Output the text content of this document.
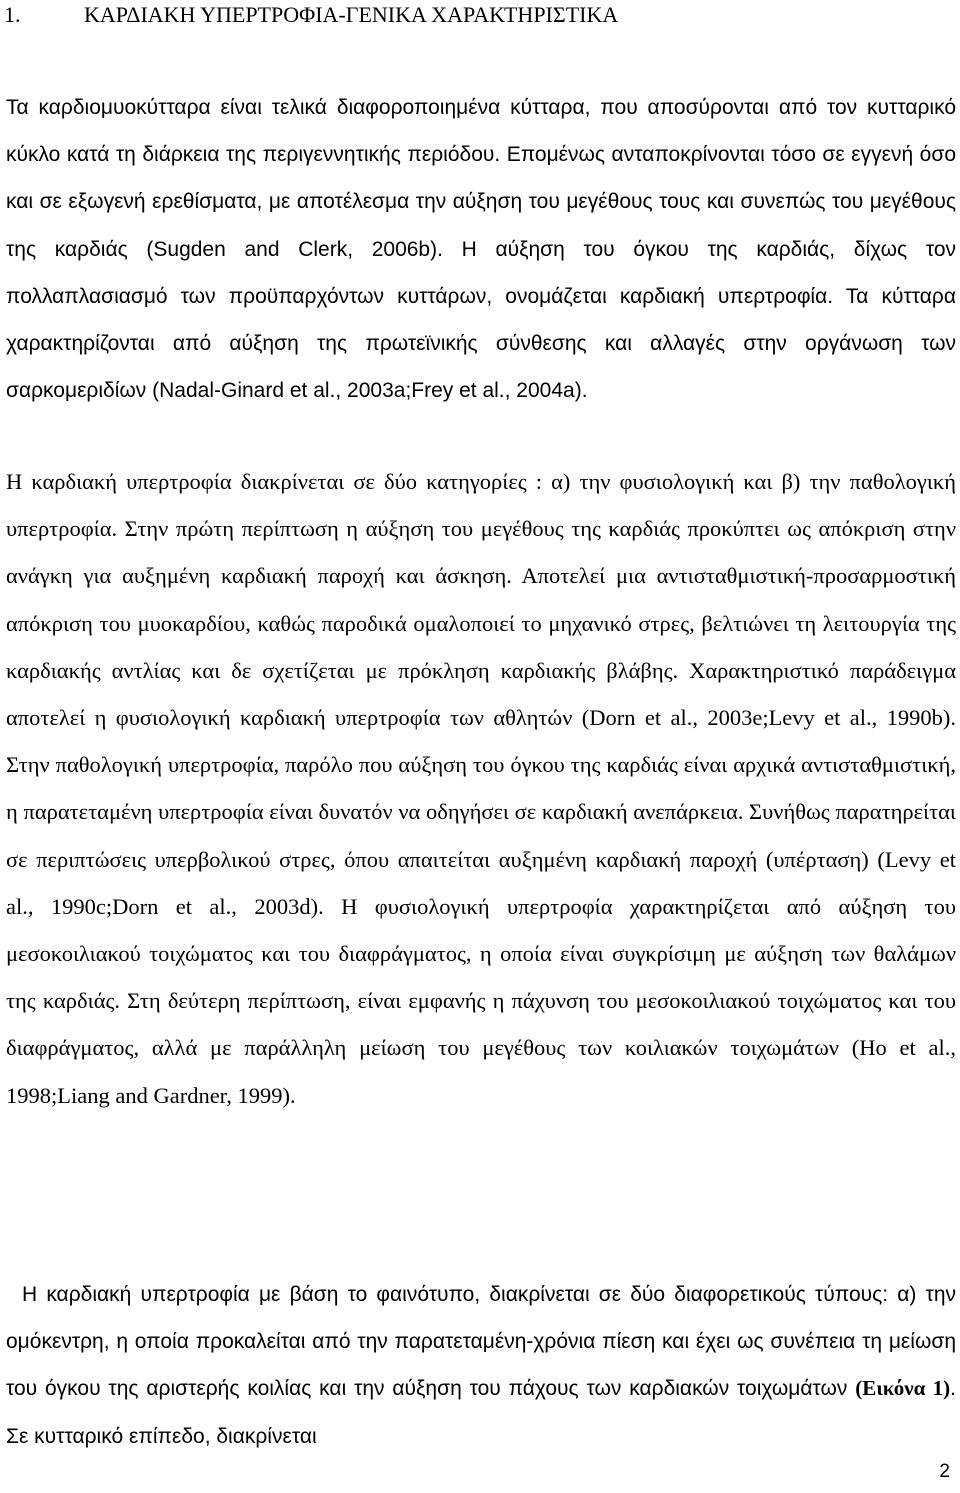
1.	ΚΑΡΔΙΑΚΗ ΥΠΕΡΤΡΟΦΙΑ-ΓΕΝΙΚΑ ΧΑΡΑΚΤΗΡΙΣΤΙΚΑ

Τα καρδιομυοκύτταρα είναι τελικά διαφοροποιημένα κύτταρα, που αποσύρονται από τον κυτταρικό κύκλο κατά τη διάρκεια της περιγεννητικής περιόδου. Επομένως ανταποκρίνονται τόσο σε εγγενή όσο και σε εξωγενή ερεθίσματα, με αποτέλεσμα την αύξηση του μεγέθους τους και συνεπώς του μεγέθους της καρδιάς (Sugden and Clerk, 2006b). Η αύξηση του όγκου της καρδιάς, δίχως τον πολλαπλασιασμό των προϋπαρχόντων κυττάρων, ονομάζεται καρδιακή υπερτροφία. Τα κύτταρα χαρακτηρίζονται από αύξηση της πρωτεϊνικής σύνθεσης και αλλαγές στην οργάνωση των σαρκομεριδίων (Nadal-Ginard et al., 2003a;Frey et al., 2004a).

Η καρδιακή υπερτροφία διακρίνεται σε δύο κατηγορίες : α) την φυσιολογική και β) την παθολογική υπερτροφία. Στην πρώτη περίπτωση η αύξηση του μεγέθους της καρδιάς προκύπτει ως απόκριση στην ανάγκη για αυξημένη καρδιακή παροχή και άσκηση. Αποτελεί μια αντισταθμιστική-προσαρμοστική απόκριση του μυοκαρδίου, καθώς παροδικά ομαλοποιεί το μηχανικό στρες, βελτιώνει τη λειτουργία της καρδιακής αντλίας και δε σχετίζεται με πρόκληση καρδιακής βλάβης. Χαρακτηριστικό παράδειγμα αποτελεί η φυσιολογική καρδιακή υπερτροφία των αθλητών (Dorn et al., 2003e;Levy et al., 1990b). Στην παθολογική υπερτροφία, παρόλο που αύξηση του όγκου της καρδιάς είναι αρχικά αντισταθμιστική, η παρατεταμένη υπερτροφία είναι δυνατόν να οδηγήσει σε καρδιακή ανεπάρκεια. Συνήθως παρατηρείται σε περιπτώσεις υπερβολικού στρες, όπου απαιτείται αυξημένη καρδιακή παροχή (υπέρταση) (Levy et al., 1990c;Dorn et al., 2003d). Η φυσιολογική υπερτροφία χαρακτηρίζεται από αύξηση του μεσοκοιλιακού τοιχώματος και του διαφράγματος, η οποία είναι συγκρίσιμη με αύξηση των θαλάμων της καρδιάς. Στη δεύτερη περίπτωση, είναι εμφανής η πάχυνση του μεσοκοιλιακού τοιχώματος και του διαφράγματος, αλλά με παράλληλη μείωση του μεγέθους των κοιλιακών τοιχωμάτων (Ho et al., 1998;Liang and Gardner, 1999).

Η καρδιακή υπερτροφία με βάση το φαινότυπο, διακρίνεται σε δύο διαφορετικούς τύπους: α) την ομόκεντρη, η οποία προκαλείται από την παρατεταμένη-χρόνια πίεση και έχει ως συνέπεια τη μείωση του όγκου της αριστερής κοιλίας και την αύξηση του πάχους των καρδιακών τοιχωμάτων (Εικόνα 1). Σε κυτταρικό επίπεδο, διακρίνεται

2
